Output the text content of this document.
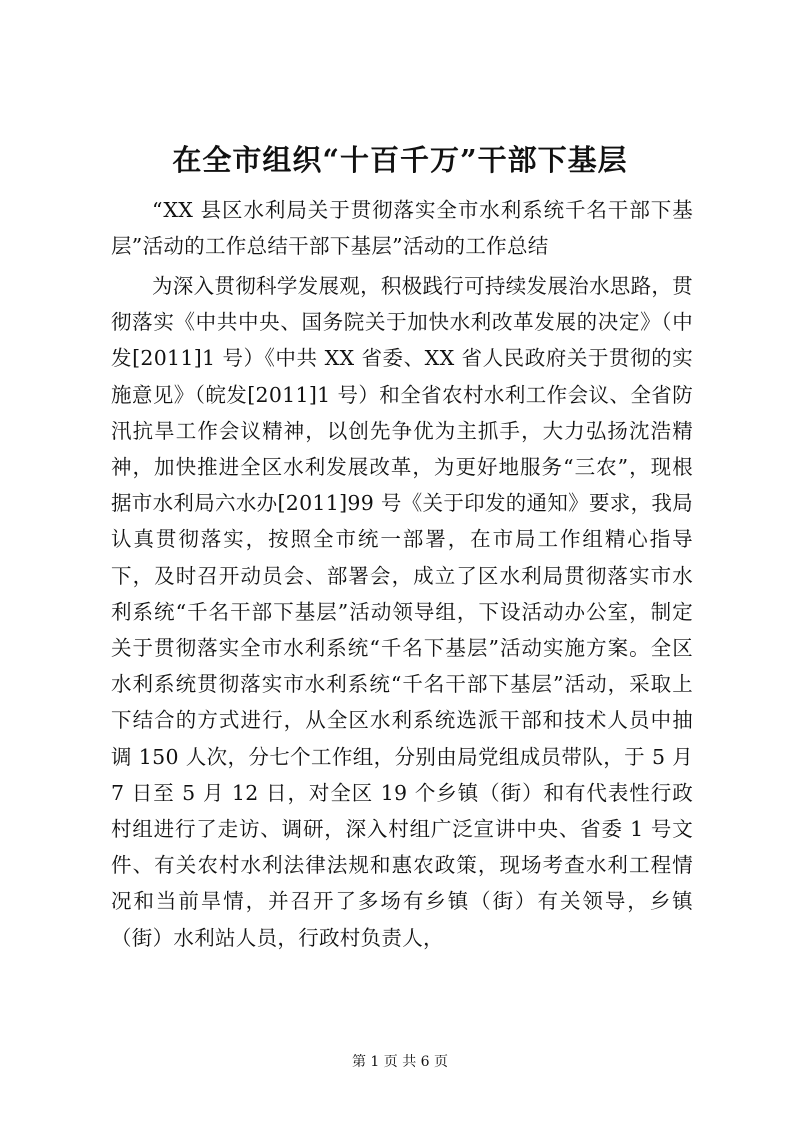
在全市组织“十百千万”干部下基层

“XX 县区水利局关于贯彻落实全市水利系统千名干部下基层”活动的工作总结干部下基层”活动的工作总结

为深入贯彻科学发展观，积极践行可持续发展治水思路，贯彻落实《中共中央、国务院关于加快水利改革发展的决定》（中发[2011]1 号）《中共 XX 省委、XX 省人民政府关于贯彻的实施意见》（皖发[2011]1 号）和全省农村水利工作会议、全省防汛抗旱工作会议精神，以创先争优为主抓手，大力弘扬沈浩精神，加快推进全区水利发展改革，为更好地服务“三农”，现根据市水利局六水办[2011]99 号《关于印发的通知》要求，我局认真贯彻落实，按照全市统一部署，在市局工作组精心指导下，及时召开动员会、部署会，成立了区水利局贯彻落实市水利系统“千名干部下基层”活动领导组，下设活动办公室，制定关于贯彻落实全市水利系统“千名下基层”活动实施方案。全区水利系统贯彻落实市水利系统“千名干部下基层”活动，采取上下结合的方式进行，从全区水利系统选派干部和技术人员中抽调 150 人次，分七个工作组，分别由局党组成员带队，于 5 月 7 日至 5 月 12 日，对全区 19 个乡镇（街）和有代表性行政村组进行了走访、调研，深入村组广泛宣讲中央、省委 1 号文件、有关农村水利法律法规和惠农政策，现场考查水利工程情况和当前旱情，并召开了多场有乡镇（街）有关领导，乡镇（街）水利站人员，行政村负责人，

第 1 页 共 6 页
